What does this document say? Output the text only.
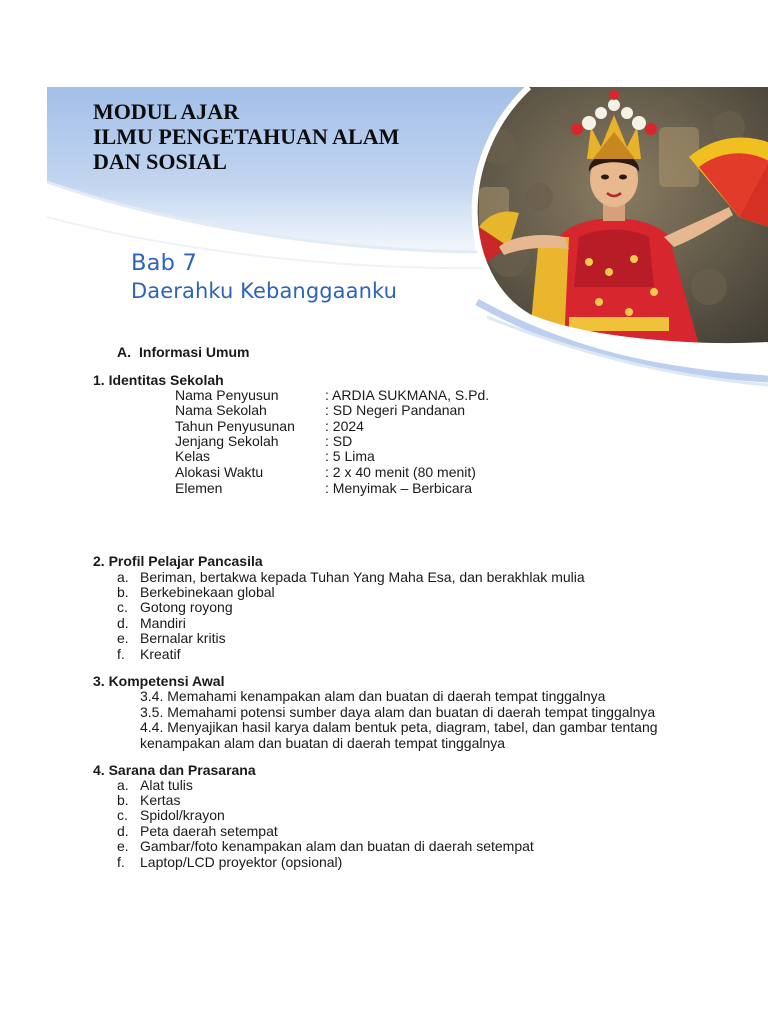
MODUL AJAR
ILMU PENGETAHUAN ALAM
DAN SOSIAL
Bab 7
Daerahku Kebanggaanku
A. Informasi Umum
1. Identitas Sekolah
Nama Penyusun	: ARDIA SUKMANA, S.Pd.
Nama Sekolah	: SD Negeri Pandanan
Tahun Penyusunan : 2024
Jenjang Sekolah	: SD
Kelas	: 5 Lima
Alokasi Waktu	: 2 x 40 menit (80 menit)
Elemen	: Menyimak – Berbicara
2. Profil Pelajar Pancasila
a. Beriman, bertakwa kepada Tuhan Yang Maha Esa, dan berakhlak mulia
b. Berkebinekaan global
c. Gotong royong
d. Mandiri
e. Bernalar kritis
f. Kreatif
3. Kompetensi Awal
3.4. Memahami kenampakan alam dan buatan di daerah tempat tinggalnya
3.5. Memahami potensi sumber daya alam dan buatan di daerah tempat tinggalnya
4.4. Menyajikan hasil karya dalam bentuk peta, diagram, tabel, dan gambar tentang
kenampakan alam dan buatan di daerah tempat tinggalnya
4. Sarana dan Prasarana
a. Alat tulis
b. Kertas
c. Spidol/krayon
d. Peta daerah setempat
e. Gambar/foto kenampakan alam dan buatan di daerah setempat
f. Laptop/LCD proyektor (opsional)
